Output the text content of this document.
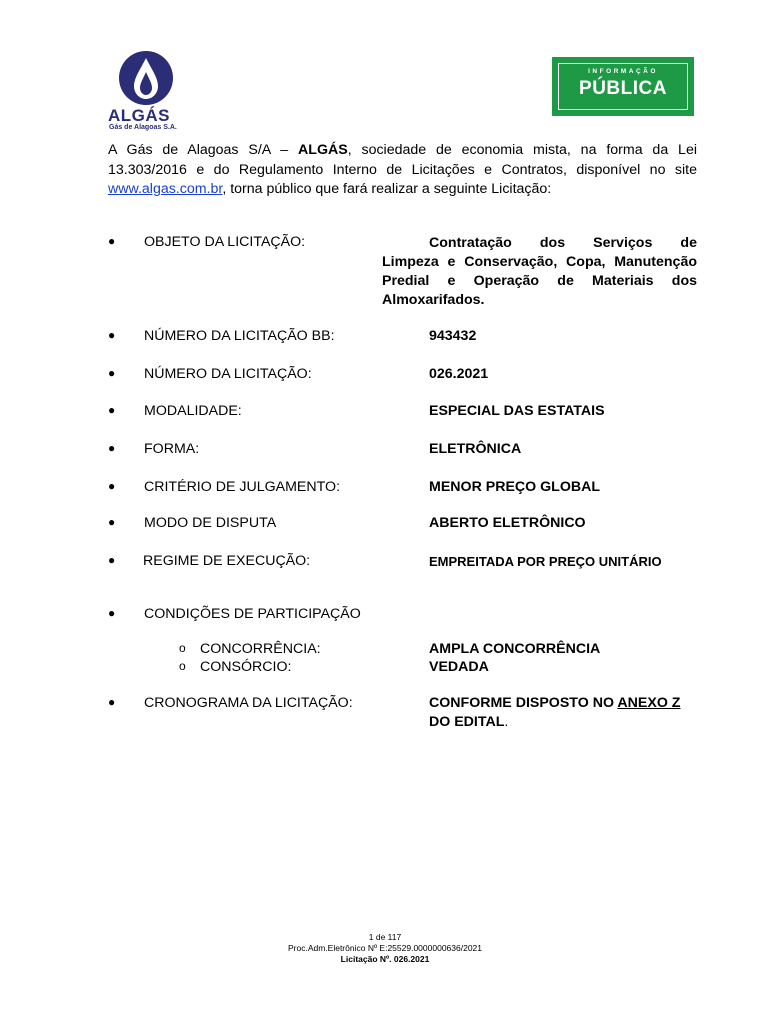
ALGÁS
Gás de Alagoas S.A.
INFORMAÇÃO
PÚBLICA

A Gás de Alagoas S/A – ALGÁS, sociedade de economia mista, na forma da Lei 13.303/2016 e do Regulamento Interno de Licitações e Contratos, disponível no site www.algas.com.br, torna público que fará realizar a seguinte Licitação:

● OBJETO DA LICITAÇÃO:	Contratação dos Serviços de
Limpeza e Conservação, Copa, Manutenção Predial e Operação de Materiais dos Almoxarifados.
● NÚMERO DA LICITAÇÃO BB:	943432
● NÚMERO DA LICITAÇÃO:	026.2021
● MODALIDADE:	ESPECIAL DAS ESTATAIS
● FORMA:	ELETRÔNICA
● CRITÉRIO DE JULGAMENTO:	MENOR PREÇO GLOBAL
● MODO DE DISPUTA	ABERTO ELETRÔNICO
● REGIME DE EXECUÇÃO:	EMPREITADA POR PREÇO UNITÁRIO
● CONDIÇÕES DE PARTICIPAÇÃO
o CONCORRÊNCIA:	AMPLA CONCORRÊNCIA
o CONSÓRCIO:	VEDADA
● CRONOGRAMA DA LICITAÇÃO:	CONFORME DISPOSTO NO ANEXO Z
DO EDITAL.
1 de 117
Proc.Adm.Eletrônico Nº E:25529.0000000636/2021
Licitação Nº. 026.2021
